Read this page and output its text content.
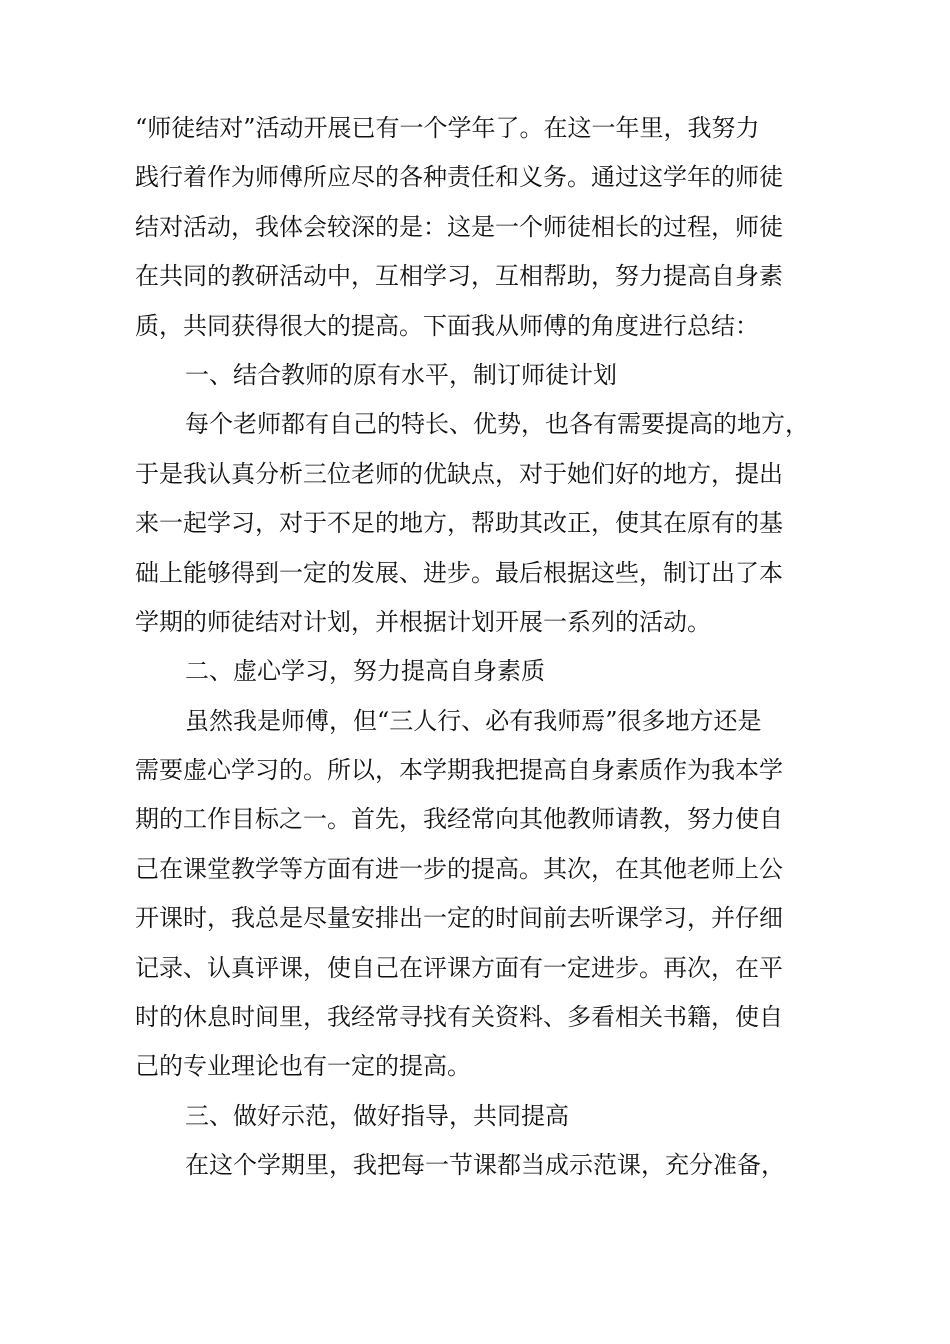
“师徒结对”活动开展已有一个学年了。在这一年里，我努力
践行着作为师傅所应尽的各种责任和义务。通过这学年的师徒
结对活动，我体会较深的是：这是一个师徒相长的过程，师徒
在共同的教研活动中，互相学习，互相帮助，努力提高自身素
质，共同获得很大的提高。下面我从师傅的角度进行总结：
一、结合教师的原有水平，制订师徒计划
每个老师都有自己的特长、优势，也各有需要提高的地方，
于是我认真分析三位老师的优缺点，对于她们好的地方，提出
来一起学习，对于不足的地方，帮助其改正，使其在原有的基
础上能够得到一定的发展、进步。最后根据这些，制订出了本
学期的师徒结对计划，并根据计划开展一系列的活动。
二、虚心学习，努力提高自身素质
虽然我是师傅，但“三人行、必有我师焉”很多地方还是
需要虚心学习的。所以，本学期我把提高自身素质作为我本学
期的工作目标之一。首先，我经常向其他教师请教，努力使自
己在课堂教学等方面有进一步的提高。其次，在其他老师上公
开课时，我总是尽量安排出一定的时间前去听课学习，并仔细
记录、认真评课，使自己在评课方面有一定进步。再次，在平
时的休息时间里，我经常寻找有关资料、多看相关书籍，使自
己的专业理论也有一定的提高。
三、做好示范，做好指导，共同提高
在这个学期里，我把每一节课都当成示范课，充分准备，
